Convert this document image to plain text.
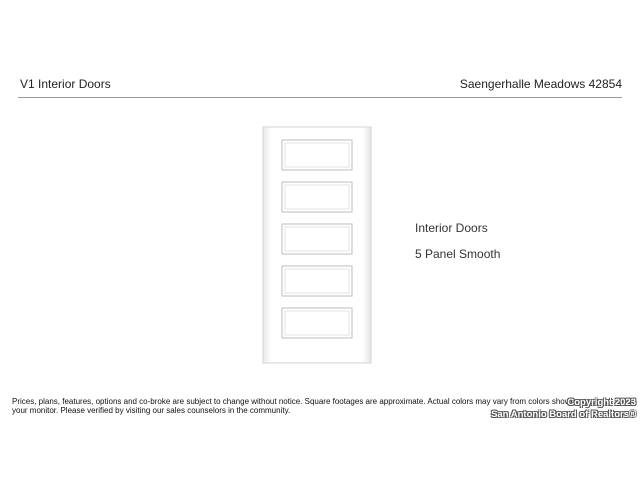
V1 Interior Doors	Saengerhalle Meadows 42854
Interior Doors
5 Panel Smooth
Prices, plans, features, options and co-broke are subject to change without notice. Square footages are approximate. Actual colors may vary from colors shown on your monitor. Please verified by visiting our sales counselors in the community.
Copyright 2023
San Antonio Board of Realtors®
